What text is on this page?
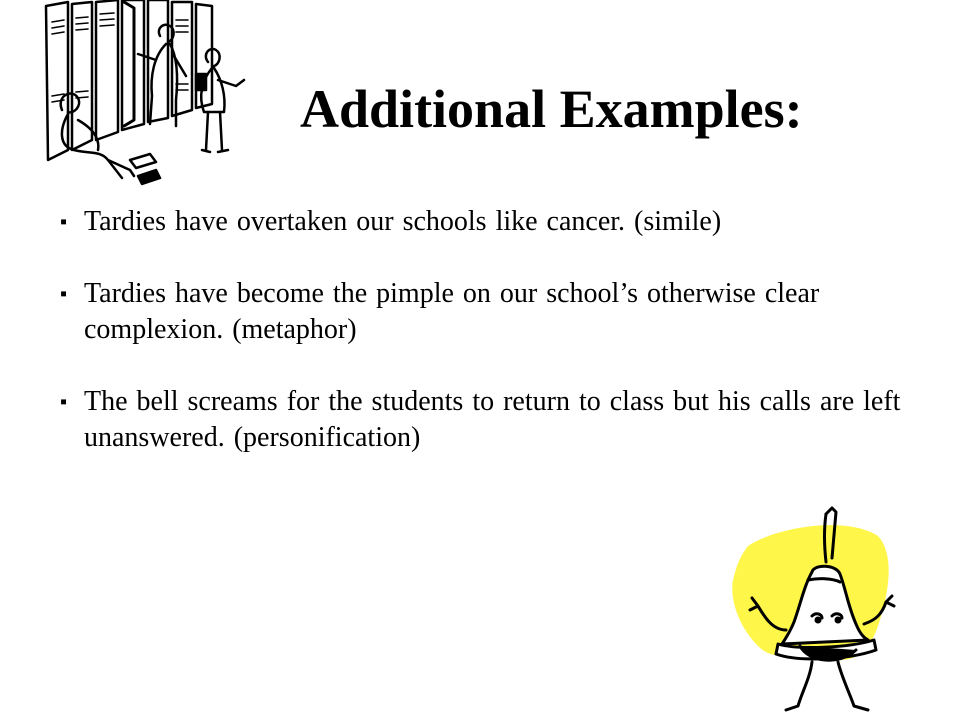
Additional Examples:
▪ Tardies have overtaken our schools like cancer. (simile)
▪ Tardies have become the pimple on our school’s otherwise clear complexion. (metaphor)
▪ The bell screams for the students to return to class but his calls are left unanswered. (personification)
